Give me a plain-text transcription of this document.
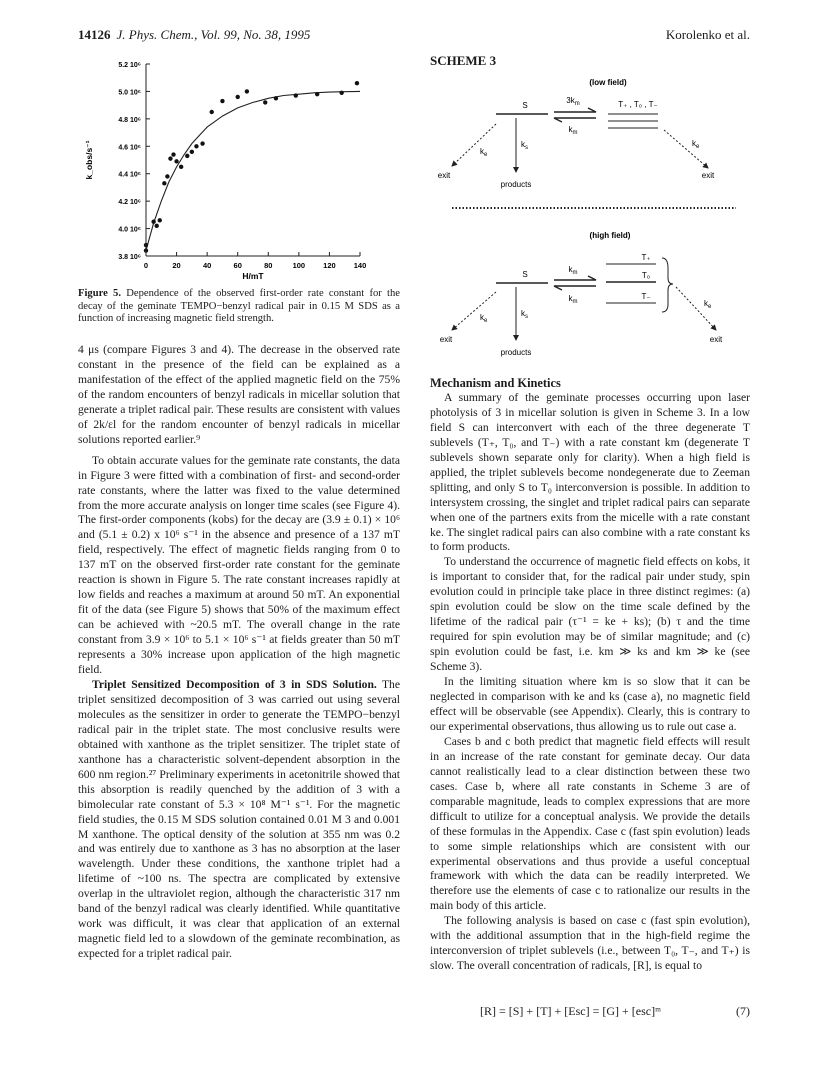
14126 J. Phys. Chem., Vol. 99, No. 38, 1995	Korolenko et al.
3.8 10⁶
4.0 10⁶
4.2 10⁶
4.4 10⁶
4.6 10⁶
4.8 10⁶
5.0 10⁶
5.2 10⁶
0	20	40	60	80	100 120 140
H/mT
k_obs/s⁻¹
Figure 5. Dependence of the observed first-order rate constant for the decay of the geminate TEMPO−benzyl radical pair in 0.15 M SDS as a function of increasing magnetic field strength.
SCHEME 3
(low field)
S	T₊ , T₀ , T₋
$3k_m$
$k_m$
$k_s$
products
$k_e$
exit
$k_e$
exit
(high field)
S
T₊
T₀
T₋
$k_m$
$k_m$
$k_s$
products
$k_e$
exit
$k_e$
exit

4 μs (compare Figures 3 and 4). The decrease in the observed rate constant in the presence of the field can be explained as a manifestation of the effect of the applied magnetic field on the 75% of the random encounters of benzyl radicals in micellar solution that generate a triplet radical pair. These results are consistent with values of 2k/εl for the random encounter of benzyl radicals in micellar solutions reported earlier.⁹

To obtain accurate values for the geminate rate constants, the data in Figure 3 were fitted with a combination of first- and second-order rate constants, where the latter was fixed to the value determined from the more accurate analysis on longer time scales (see Figure 4). The first-order components (kobs) for the decay are (3.9 ± 0.1) × 10⁶ and (5.1 ± 0.2) x 10⁶ s⁻¹ in the absence and presence of a 137 mT field, respectively. The effect of magnetic fields ranging from 0 to 137 mT on the observed first-order rate constant for the geminate reaction is shown in Figure 5. The rate constant increases rapidly at low fields and reaches a maximum at around 50 mT. An exponential fit of the data (see Figure 5) shows that 50% of the maximum effect can be achieved with ~20.5 mT. The overall change in the rate constant from 3.9 × 10⁶ to 5.1 × 10⁶ s⁻¹ at fields greater than 50 mT represents a 30% increase upon application of the high magnetic field.

Triplet Sensitized Decomposition of 3 in SDS Solution. The triplet sensitized decomposition of 3 was carried out using several molecules as the sensitizer in order to generate the TEMPO−benzyl radical pair in the triplet state. The most conclusive results were obtained with xanthone as the triplet sensitizer. The triplet state of xanthone has a characteristic solvent-dependent absorption in the 600 nm region.²⁷ Preliminary experiments in acetonitrile showed that this absorption is readily quenched by the addition of 3 with a bimolecular rate constant of 5.3 × 10⁸ M⁻¹ s⁻¹. For the magnetic field studies, the 0.15 M SDS solution contained 0.01 M 3 and 0.001 M xanthone. The optical density of the solution at 355 nm was 0.2 and was entirely due to xanthone as 3 has no absorption at the laser wavelength. Under these conditions, the xanthone triplet had a lifetime of ~100 ns. The spectra are complicated by extensive overlap in the ultraviolet region, although the characteristic 317 nm band of the benzyl radical was clearly identified. While quantitative work was difficult, it was clear that application of an external magnetic field led to a slowdown of the geminate recombination, as expected for a triplet radical pair.

Mechanism and Kinetics

A summary of the geminate processes occurring upon laser photolysis of 3 in micellar solution is given in Scheme 3. In a low field S can interconvert with each of the three degenerate T sublevels (T₊, T₀, and T₋) with a rate constant km (degenerate T sublevels shown separate only for clarity). When a high field is applied, the triplet sublevels become nondegenerate due to Zeeman splitting, and only S to T₀ interconversion is possible. In addition to intersystem crossing, the singlet and triplet radical pairs can separate when one of the partners exits from the micelle with a rate constant ke. The singlet radical pairs can also combine with a rate constant ks to form products.

To understand the occurrence of magnetic field effects on kobs, it is important to consider that, for the radical pair under study, spin evolution could in principle take place in three distinct regimes: (a) spin evolution could be slow on the time scale defined by the lifetime of the radical pair (τ⁻¹ = ke + ks); (b) τ and the time required for spin evolution may be of similar magnitude; and (c) spin evolution could be fast, i.e. km ≫ ks and km ≫ ke (see Scheme 3).

In the limiting situation where km is so slow that it can be neglected in comparison with ke and ks (case a), no magnetic field effect will be observable (see Appendix). Clearly, this is contrary to our experimental observations, thus allowing us to rule out case a.

Cases b and c both predict that magnetic field effects will result in an increase of the rate constant for geminate decay. Our data cannot realistically lead to a clear distinction between these two cases. Case b, where all rate constants in Scheme 3 are of comparable magnitude, leads to complex expressions that are more difficult to utilize for a conceptual analysis. We provide the details of these formulas in the Appendix. Case c (fast spin evolution) leads to some simple relationships which are consistent with our experimental observations and thus provide a useful conceptual framework with which the data can be readily interpreted. We therefore use the elements of case c to rationalize our results in the main body of this article.

The following analysis is based on case c (fast spin evolution), with the additional assumption that in the high-field regime the interconversion of triplet sublevels (i.e., between T₀, T₋, and T₊) is slow. The overall concentration of radicals, [R], is equal to

[R] = [S] + [T] + [Esc] = [G] + [esc]ᵐ	(7)
